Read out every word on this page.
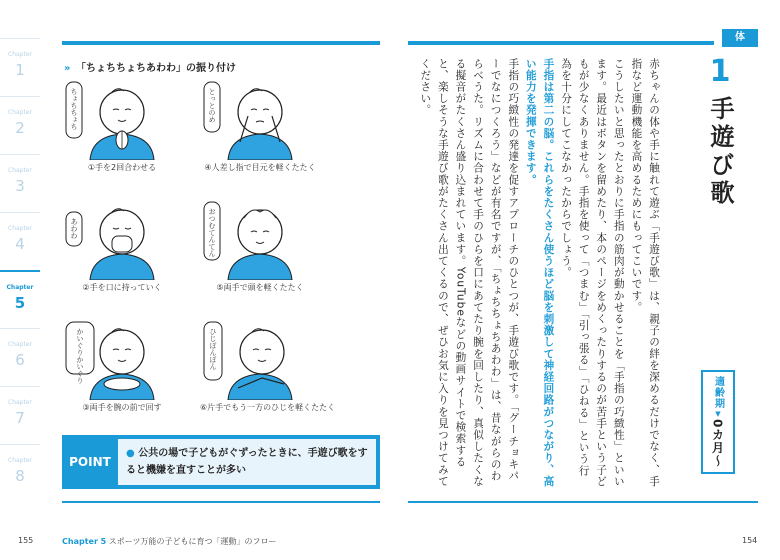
Chapter
1
Chapter
2
Chapter
3
Chapter
4
Chapter
5
Chapter
6
Chapter
7
Chapter
8
» 「ちょちちょちあわわ」の振り付け
ちょちちょち
①手を2回合わせる
とっとのめ
④人差し指で目元を軽くたたく
あわわ
②手を口に持っていく
おつむてんてん
⑤両手で頭を軽くたたく
かいぐりかいぐり
③両手を腕の前で回す
ひじぽんぽん
⑥片手でもう一方のひじを軽くたたく
POINT
● 公共の場で子どもがぐずったときに、手遊び歌をすると機嫌を直すことが多い
体
1
手遊び歌
適齢期
▼
0カ月～

赤ちゃんの体や手に触れて遊ぶ「手遊び歌」は、親子の絆を深めるだけでなく、手指など運動機能を高めるためにもってこいです。

こうしたいと思ったとおりに手指の筋肉が動かせることを「手指の巧緻性」といいます。最近はボタンを留めたり、本のページをめくったりするのが苦手という子どもが少なくありません。手指を使って「つまむ」「引っ張る」「ひねる」という行為を十分にしてこなかったからでしょう。

手指は第二の脳。これらをたくさん使うほど脳を刺激して神経回路がつながり、高い能力を発揮できます。

手指の巧緻性の発達を促すアプローチのひとつが、手遊び歌です。「グーチョキパーでなにつくろう」などが有名ですが、「ちょちちょちあわわ」は、昔ながらのわらべうた。リズムに合わせて手のひらを口にあてたり腕を回したり、真似したくなる擬音がたくさん盛り込まれています。YouTubeなどの動画サイトで検索すると、楽しそうな手遊び歌がたくさん出てくるので、ぜひお気に入りを見つけてみてください。

155	Chapter 5 スポーツ万能の子どもに育つ「運動」のフロー	154
